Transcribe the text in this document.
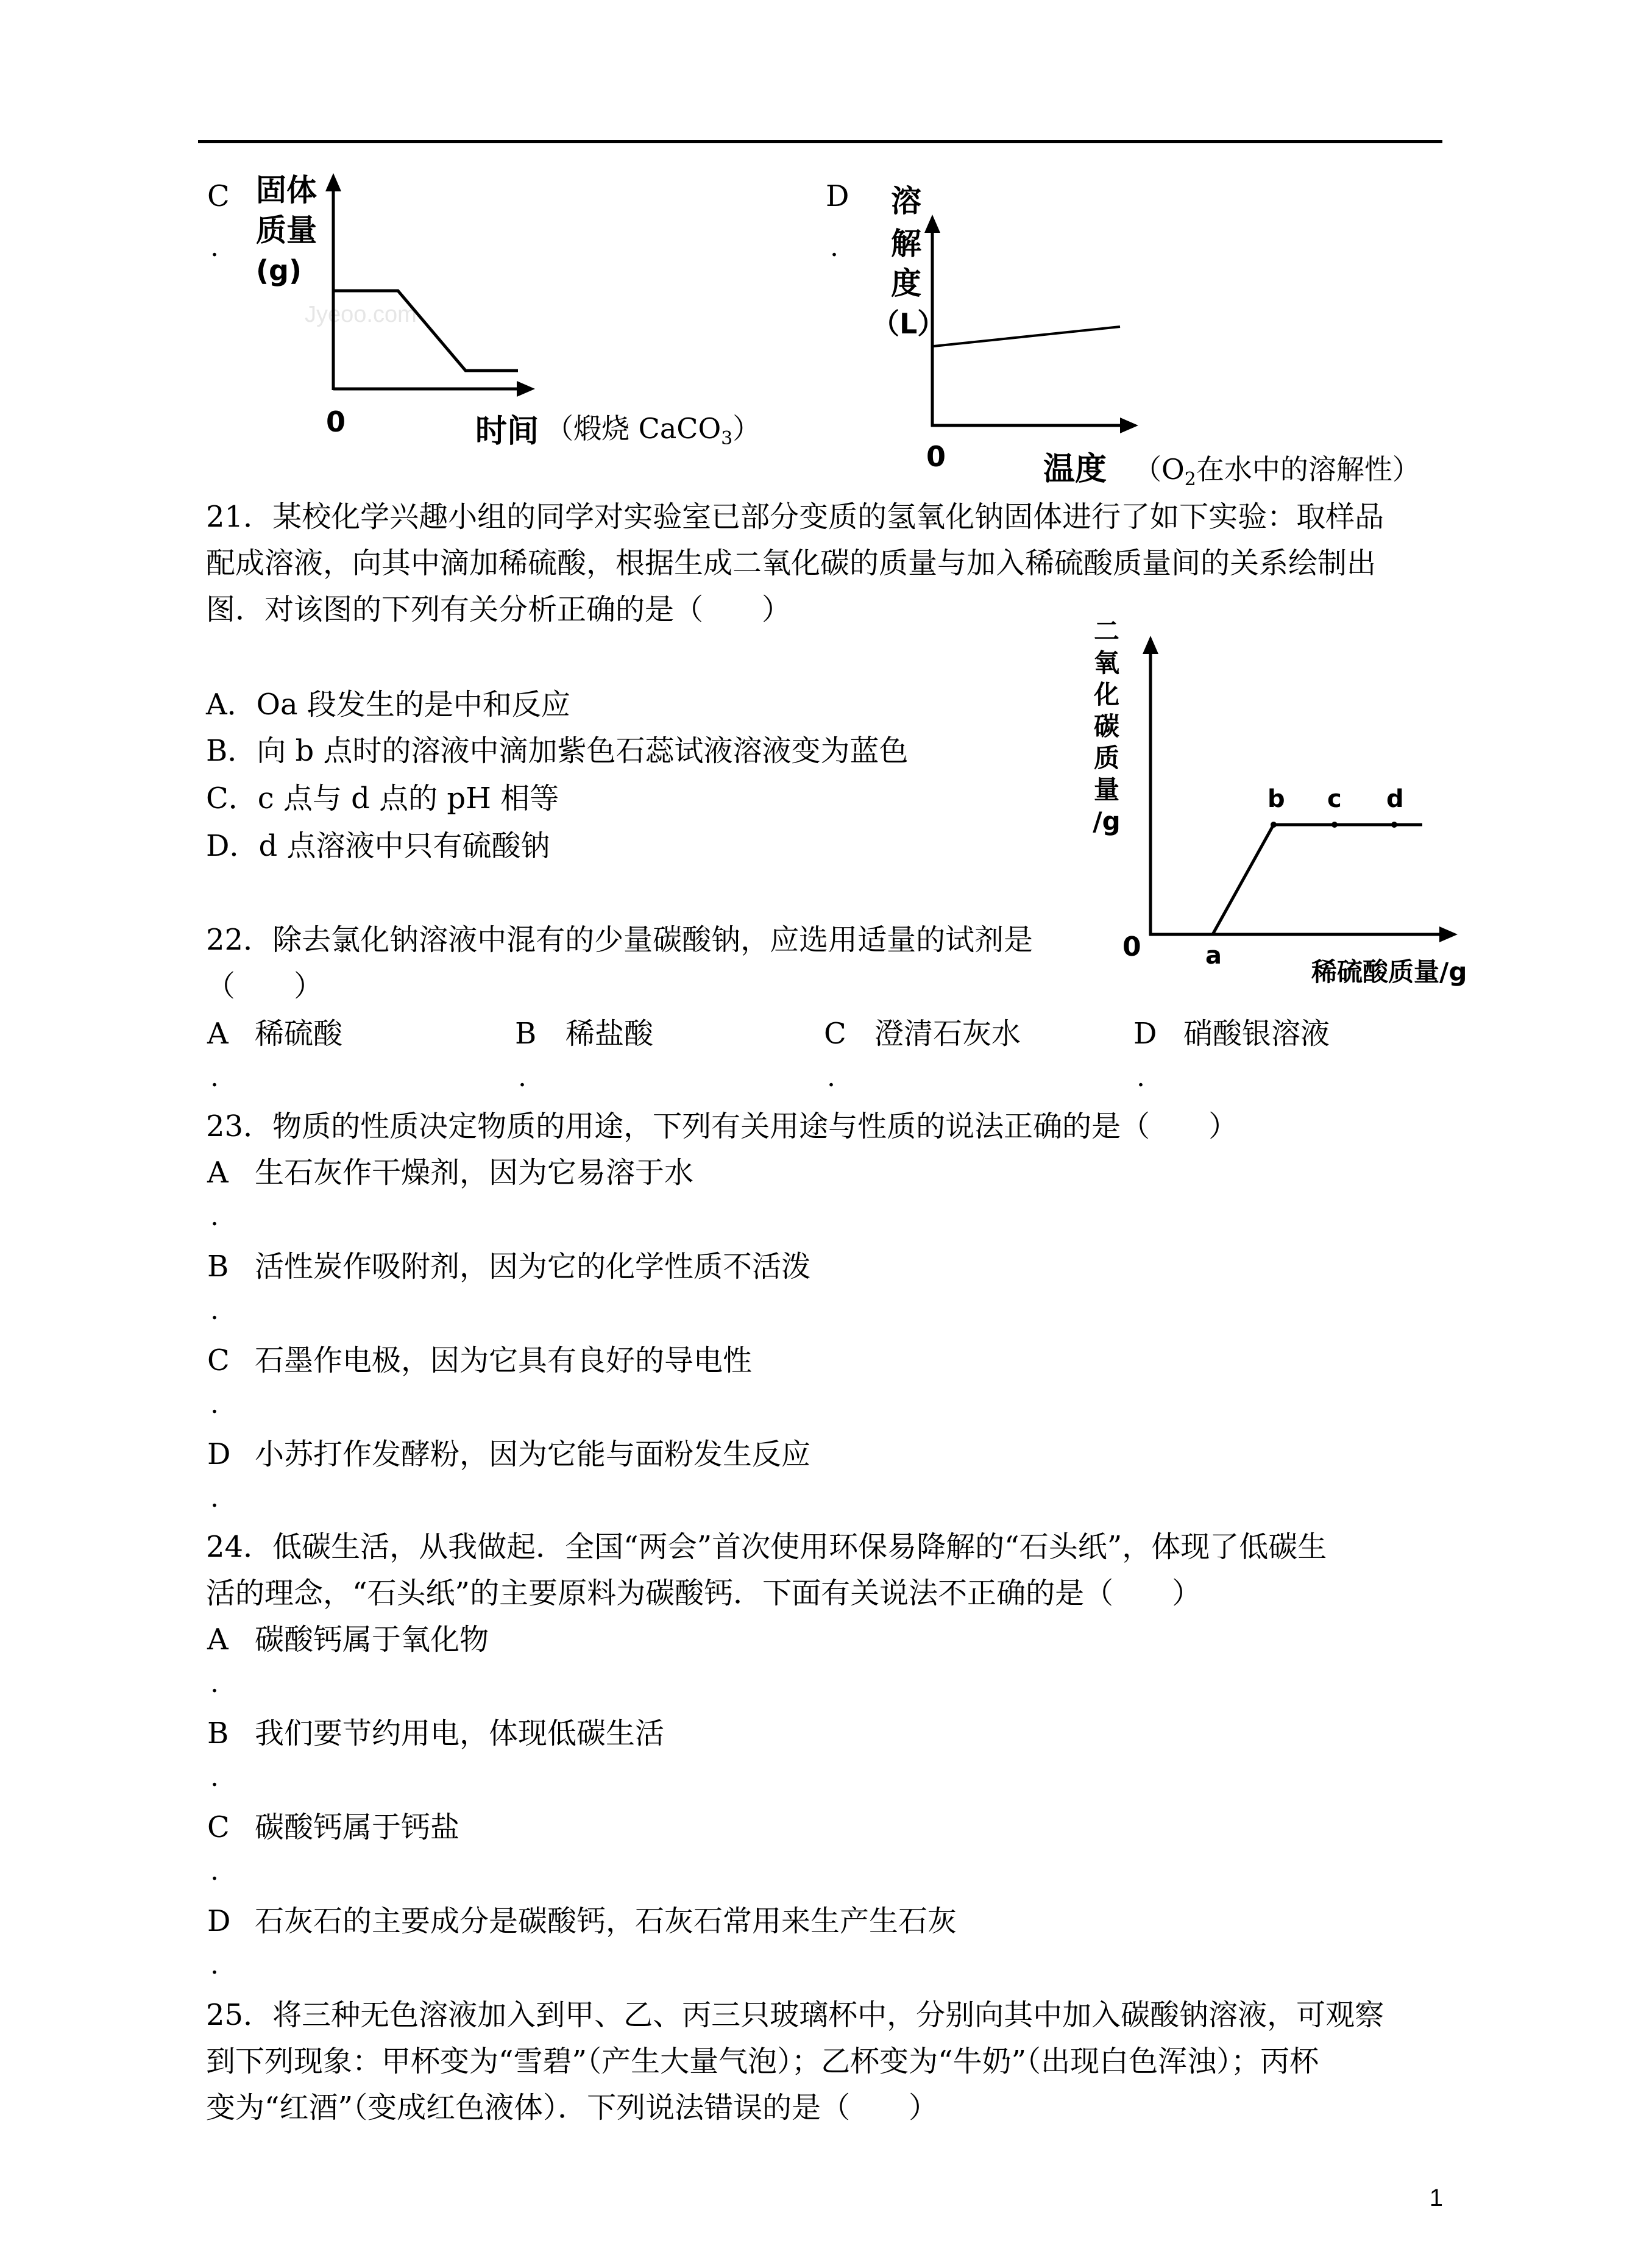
C
.
固体
质量
(g)
Jyeoo.com
0	时间 （煅烧 CaCO$_3$）
D
.
溶
解
度
（L）
0	温度 （$O_2$在水中的溶解性）
21．某校化学兴趣小组的同学对实验室已部分变质的氢氧化钠固体进行了如下实验：取样品
配成溶液，向其中滴加稀硫酸，根据生成二氧化碳的质量与加入稀硫酸质量间的关系绘制出
图．对该图的下列有关分析正确的是（　　）
A．Oa 段发生的是中和反应
B．向 b 点时的溶液中滴加紫色石蕊试液溶液变为蓝色
C．c 点与 d 点的 pH 相等
D．d 点溶液中只有硫酸钠
二
氧
化
碳
质
量
/g
b c d
a
0
稀硫酸质量/g
22．除去氯化钠溶液中混有的少量碳酸钠，应选用适量的试剂是
（　　）
A 稀硫酸
.
B 稀盐酸
.
C 澄清石灰水
.
D 硝酸银溶液
.
23．物质的性质决定物质的用途，下列有关用途与性质的说法正确的是（　　）
A 生石灰作干燥剂，因为它易溶于水
.
B 活性炭作吸附剂，因为它的化学性质不活泼
.
C 石墨作电极，因为它具有良好的导电性
.
D 小苏打作发酵粉，因为它能与面粉发生反应
.
24．低碳生活，从我做起．全国“两会”首次使用环保易降解的“石头纸”，体现了低碳生
活的理念，“石头纸”的主要原料为碳酸钙．下面有关说法不正确的是（　　）
A 碳酸钙属于氧化物
.
B 我们要节约用电，体现低碳生活
.
C 碳酸钙属于钙盐
.
D 石灰石的主要成分是碳酸钙，石灰石常用来生产生石灰
.
25．将三种无色溶液加入到甲、乙、丙三只玻璃杯中，分别向其中加入碳酸钠溶液，可观察
到下列现象：甲杯变为“雪碧”（产生大量气泡）；乙杯变为“牛奶”（出现白色浑浊）；丙杯
变为“红酒”（变成红色液体）．下列说法错误的是（　　）
1
